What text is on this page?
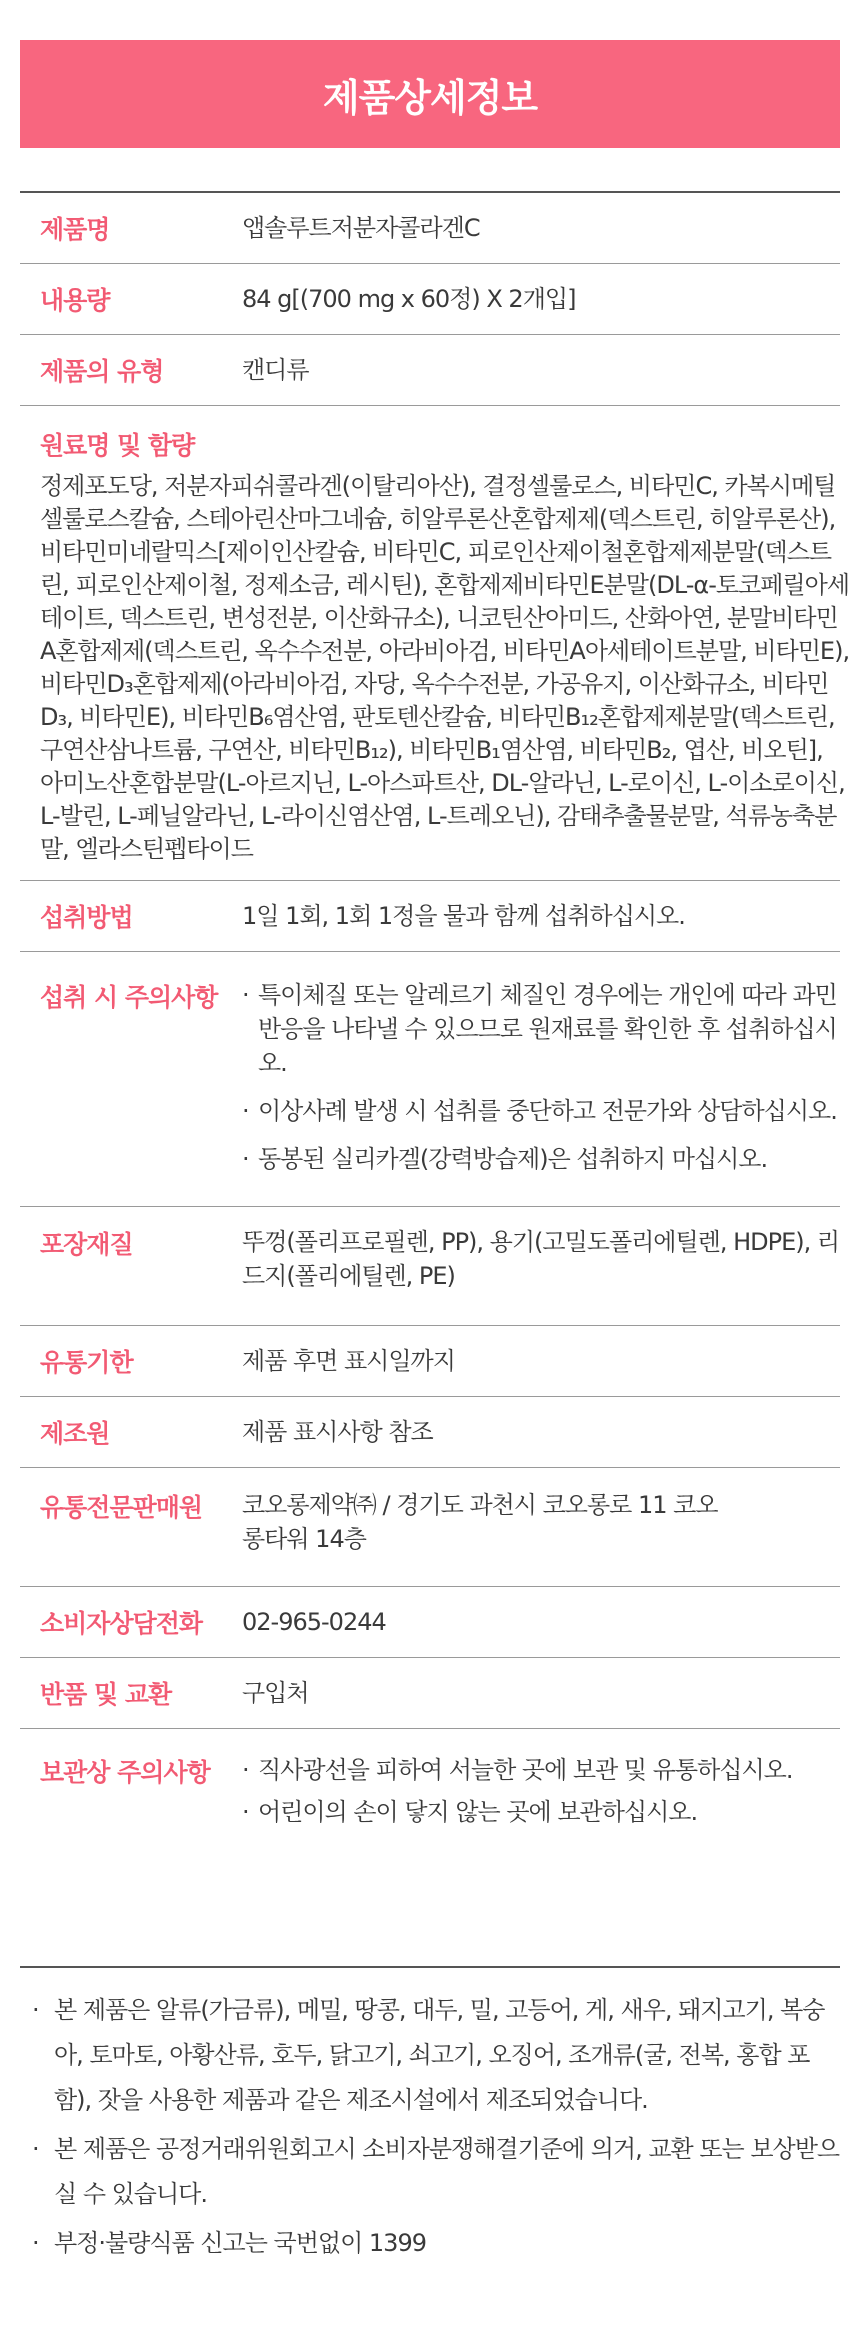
제품상세정보
제품명	앱솔루트저분자콜라겐C
내용량	84 g[(700 mg x 60정) X 2개입]
제품의 유형	캔디류
원료명 및 함량
정제포도당, 저분자피쉬콜라겐(이탈리아산), 결정셀룰로스, 비타민C, 카복시메틸셀룰로스칼슘, 스테아린산마그네슘, 히알루론산혼합제제(덱스트린, 히알루론산), 비타민미네랄믹스[제이인산칼슘, 비타민C, 피로인산제이철혼합제제분말(덱스트린, 피로인산제이철, 정제소금, 레시틴), 혼합제제비타민E분말(DL-α-토코페릴아세테이트, 덱스트린, 변성전분, 이산화규소), 니코틴산아미드, 산화아연, 분말비타민A혼합제제(덱스트린, 옥수수전분, 아라비아검, 비타민A아세테이트분말, 비타민E), 비타민D₃혼합제제(아라비아검, 자당, 옥수수전분, 가공유지, 이산화규소, 비타민D₃, 비타민E), 비타민B₆염산염, 판토텐산칼슘, 비타민B₁₂혼합제제분말(덱스트린, 구연산삼나트륨, 구연산, 비타민B₁₂), 비타민B₁염산염, 비타민B₂, 엽산, 비오틴], 아미노산혼합분말(L-아르지닌, L-아스파트산, DL-알라닌, L-로이신, L-이소로이신, L-발린, L-페닐알라닌, L-라이신염산염, L-트레오닌), 감태추출물분말, 석류농축분말, 엘라스틴펩타이드
섭취방법	1일 1회, 1회 1정을 물과 함께 섭취하십시오.
섭취 시 주의사항	· 특이체질 또는 알레르기 체질인 경우에는 개인에 따라 과민반응을 나타낼 수 있으므로 원재료를 확인한 후 섭취하십시오.
· 이상사례 발생 시 섭취를 중단하고 전문가와 상담하십시오.
· 동봉된 실리카겔(강력방습제)은 섭취하지 마십시오.
포장재질	뚜껑(폴리프로필렌, PP), 용기(고밀도폴리에틸렌, HDPE), 리드지(폴리에틸렌, PE)
유통기한	제품 후면 표시일까지
제조원	제품 표시사항 참조
유통전문판매원	코오롱제약㈜ / 경기도 과천시 코오롱로 11 코오롱타워 14층
소비자상담전화	02-965-0244
반품 및 교환	구입처
보관상 주의사항	· 직사광선을 피하여 서늘한 곳에 보관 및 유통하십시오.
· 어린이의 손이 닿지 않는 곳에 보관하십시오.
· 본 제품은 알류(가금류), 메밀, 땅콩, 대두, 밀, 고등어, 게, 새우, 돼지고기, 복숭아, 토마토, 아황산류, 호두, 닭고기, 쇠고기, 오징어, 조개류(굴, 전복, 홍합 포함), 잣을 사용한 제품과 같은 제조시설에서 제조되었습니다.
· 본 제품은 공정거래위원회고시 소비자분쟁해결기준에 의거, 교환 또는 보상받으실 수 있습니다.
· 부정·불량식품 신고는 국번없이 1399
